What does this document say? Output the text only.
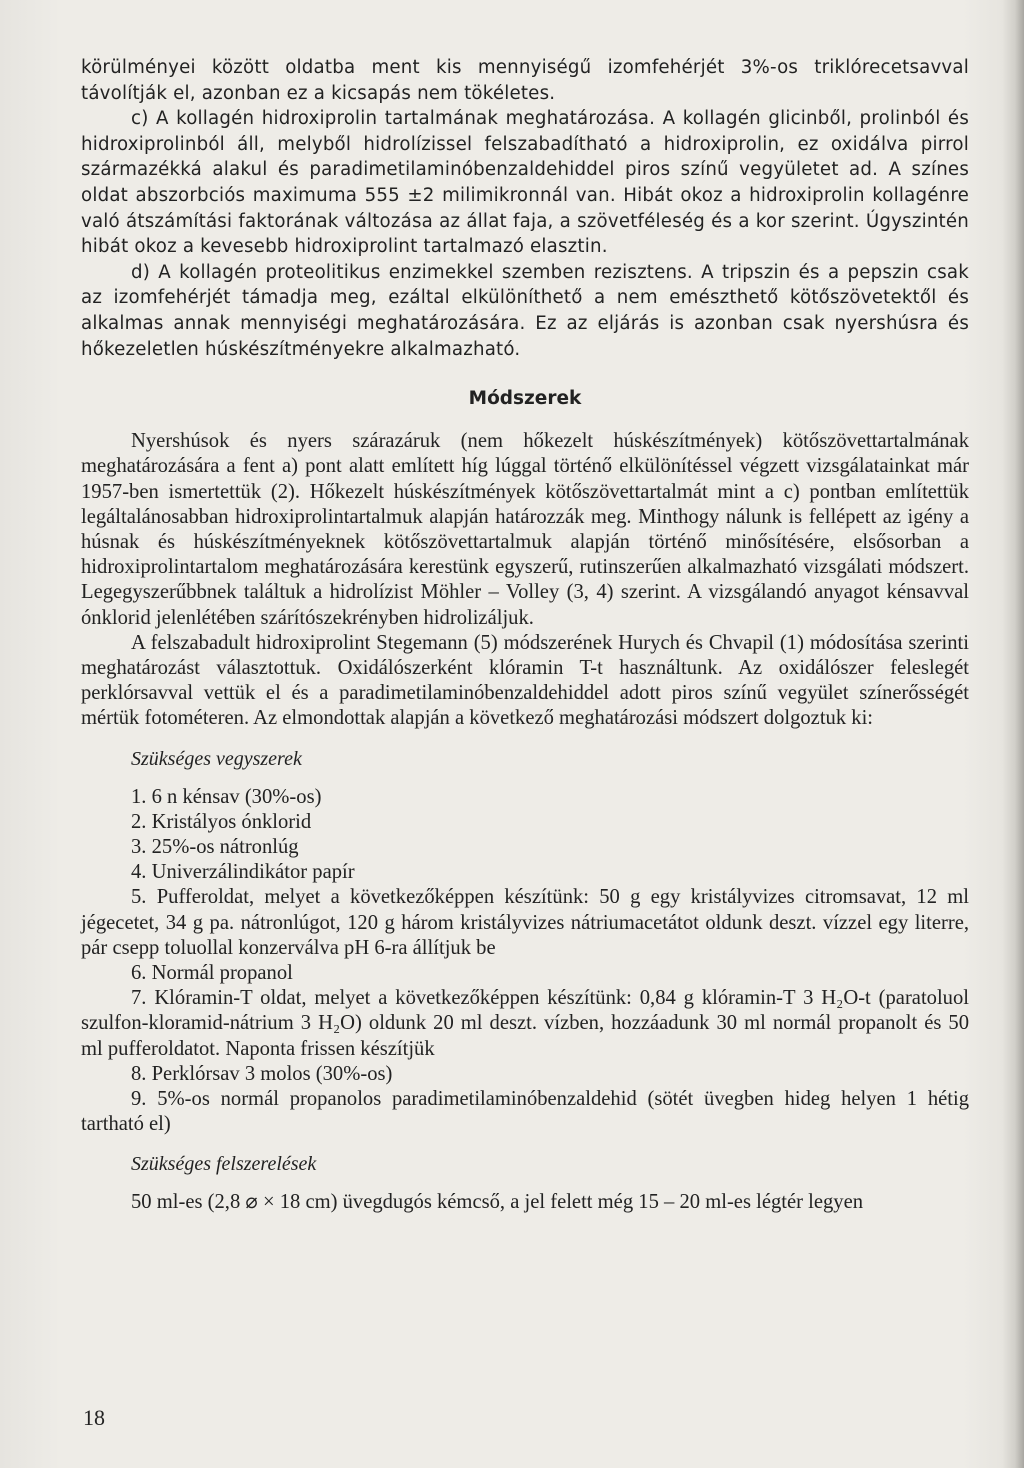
körülményei között oldatba ment kis mennyiségű izomfehérjét 3%-os triklórecetsavval távolítják el, azonban ez a kicsapás nem tökéletes.

c) A kollagén hidroxiprolin tartalmának meghatározása. A kollagén glicinből, prolinból és hidroxiprolinból áll, melyből hidrolízissel felszabadítható a hidroxiprolin, ez oxidálva pirrol származékká alakul és paradimetilaminóbenzaldehiddel piros színű vegyületet ad. A színes oldat abszorbciós maximuma 555 ±2 milimikronnál van. Hibát okoz a hidroxiprolin kollagénre való átszámítási faktorának változása az állat faja, a szövetféleség és a kor szerint. Úgyszintén hibát okoz a kevesebb hidroxiprolint tartalmazó elasztin.

d) A kollagén proteolitikus enzimekkel szemben rezisztens. A tripszin és a pepszin csak az izomfehérjét támadja meg, ezáltal elkülöníthető a nem emészthető kötőszövetektől és alkalmas annak mennyiségi meghatározására. Ez az eljárás is azonban csak nyershúsra és hőkezeletlen húskészítményekre alkalmazható.

Módszerek

Nyershúsok és nyers szárazáruk (nem hőkezelt húskészítmények) kötőszövettartalmának meghatározására a fent a) pont alatt említett híg lúggal történő elkülönítéssel végzett vizsgálatainkat már 1957-ben ismertettük (2). Hőkezelt húskészítmények kötőszövettartalmát mint a c) pontban említettük legáltalánosabban hidroxiprolintartalmuk alapján határozzák meg. Minthogy nálunk is fellépett az igény a húsnak és húskészítményeknek kötőszövettartalmuk alapján történő minősítésére, elsősorban a hidroxiprolintartalom meghatározására kerestünk egyszerű, rutinszerűen alkalmazható vizsgálati módszert. Legegyszerűbbnek találtuk a hidrolízist Möhler – Volley (3, 4) szerint. A vizsgálandó anyagot kénsavval ónklorid jelenlétében szárítószekrényben hidrolizáljuk.

A felszabadult hidroxiprolint Stegemann (5) módszerének Hurych és Chvapil (1) módosítása szerinti meghatározást választottuk. Oxidálószerként klóramin T-t használtunk. Az oxidálószer feleslegét perklórsavval vettük el és a paradimetilaminóbenzaldehiddel adott piros színű vegyület színerősségét mértük fotométeren. Az elmondottak alapján a következő meghatározási módszert dolgoztuk ki:

Szükséges vegyszerek

1. 6 n kénsav (30%-os)

2. Kristályos ónklorid

3. 25%-os nátronlúg

4. Univerzálindikátor papír

5. Pufferoldat, melyet a következőképpen készítünk: 50 g egy kristályvizes citromsavat, 12 ml jégecetet, 34 g pa. nátronlúgot, 120 g három kristályvizes nátriumacetátot oldunk deszt. vízzel egy literre, pár csepp toluollal konzerválva pH 6-ra állítjuk be

6. Normál propanol

7. Klóramin-T oldat, melyet a következőképpen készítünk: 0,84 g klóramin-T 3 H₂O-t (paratoluol szulfon-kloramid-nátrium 3 H₂O) oldunk 20 ml deszt. vízben, hozzáadunk 30 ml normál propanolt és 50 ml pufferoldatot. Naponta frissen készítjük

8. Perklórsav 3 molos (30%-os)

9. 5%-os normál propanolos paradimetilaminóbenzaldehid (sötét üvegben hideg helyen 1 hétig tartható el)

Szükséges felszerelések

50 ml-es (2,8 ⌀ × 18 cm) üvegdugós kémcső, a jel felett még 15 – 20 ml-es légtér legyen

18
